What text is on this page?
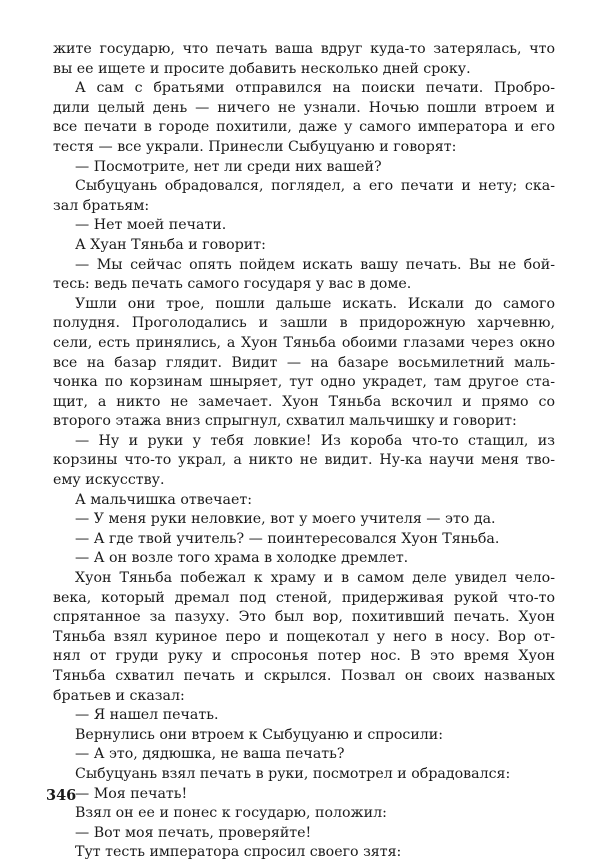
жите государю, что печать ваша вдруг куда-то затерялась, что
вы ее ищете и просите добавить несколько дней сроку.
А сам с братьями отправился на поиски печати. Пробро-
дили целый день — ничего не узнали. Ночью пошли втроем и
все печати в городе похитили, даже у самого императора и его
тестя — все украли. Принесли Сыбуцуаню и говорят:
— Посмотрите, нет ли среди них вашей?
Сыбуцуань обрадовался, поглядел, а его печати и нету; ска-
зал братьям:
— Нет моей печати.
А Хуан Тяньба и говорит:
— Мы сейчас опять пойдем искать вашу печать. Вы не бой-
тесь: ведь печать самого государя у вас в доме.
Ушли они трое, пошли дальше искать. Искали до самого
полудня. Проголодались и зашли в придорожную харчевню,
сели, есть принялись, а Хуон Тяньба обоими глазами через окно
все на базар глядит. Видит — на базаре восьмилетний маль-
чонка по корзинам шныряет, тут одно украдет, там другое ста-
щит, а никто не замечает. Хуон Тяньба вскочил и прямо со
второго этажа вниз спрыгнул, схватил мальчишку и говорит:
— Ну и руки у тебя ловкие! Из короба что-то стащил, из
корзины что-то украл, а никто не видит. Ну-ка научи меня тво-
ему искусству.
А мальчишка отвечает:
— У меня руки неловкие, вот у моего учителя — это да.
— А где твой учитель? — поинтересовался Хуон Тяньба.
— А он возле того храма в холодке дремлет.
Хуон Тяньба побежал к храму и в самом деле увидел чело-
века, который дремал под стеной, придерживая рукой что-то
спрятанное за пазуху. Это был вор, похитивший печать. Хуон
Тяньба взял куриное перо и пощекотал у него в носу. Вор от-
нял от груди руку и спросонья потер нос. В это время Хуон
Тяньба схватил печать и скрылся. Позвал он своих названых
братьев и сказал:
— Я нашел печать.
Вернулись они втроем к Сыбуцуаню и спросили:
— А это, дядюшка, не ваша печать?
Сыбуцуань взял печать в руки, посмотрел и обрадовался:
— Моя печать!
Взял он ее и понес к государю, положил:
— Вот моя печать, проверяйте!
Тут тесть императора спросил своего зятя:
346
